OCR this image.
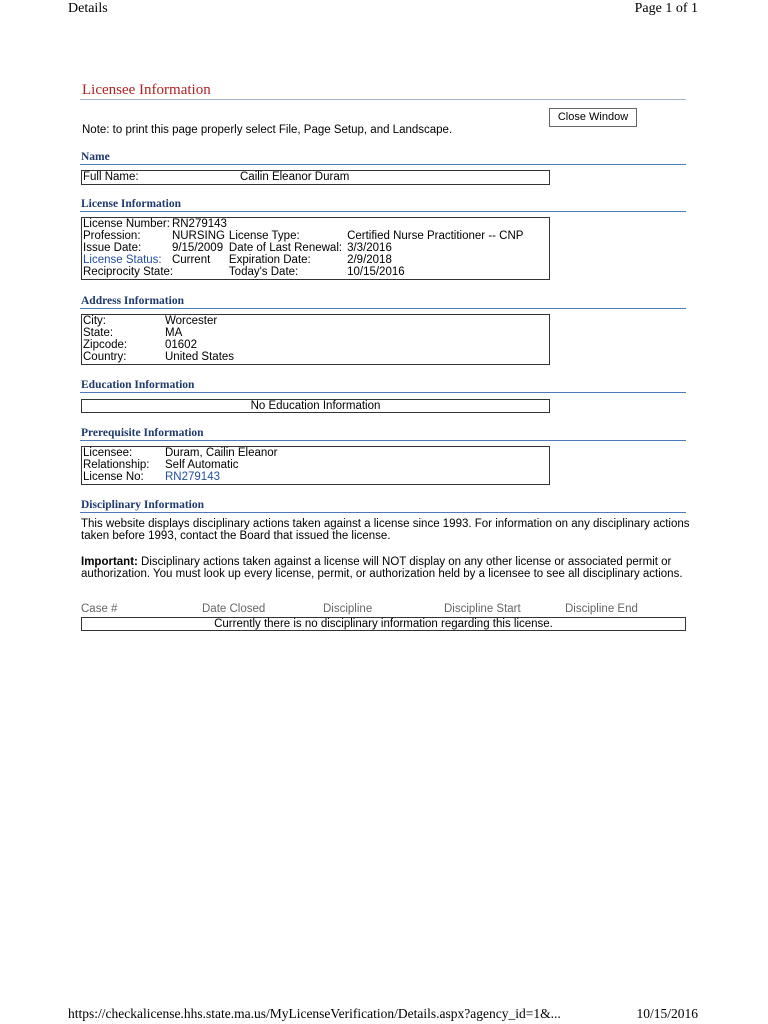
Details	Page 1 of 1
Licensee Information
Close Window
Note: to print this page properly select File, Page Setup, and Landscape.
Name
Full Name:	Cailin Eleanor Duram
License Information
License Number:	RN279143		
Profession:	NURSING	License Type:	Certified Nurse Practitioner -- CNP
Issue Date:	9/15/2009	Date of Last Renewal:	3/3/2016
License Status:	Current	Expiration Date:	2/9/2018
Reciprocity State:		Today's Date:	10/15/2016
Address Information
City:	Worcester
State:	MA
Zipcode:	01602
Country:	United States
Education Information
No Education Information
Prerequisite Information
Licensee:	Duram, Cailin Eleanor
Relationship:	Self Automatic
License No:	RN279143
Disciplinary Information
This website displays disciplinary actions taken against a license since 1993. For information on any disciplinary actions taken before 1993, contact the Board that issued the license.
Important: Disciplinary actions taken against a license will NOT display on any other license or associated permit or authorization. You must look up every license, permit, or authorization held by a licensee to see all disciplinary actions.
Case #	Date Closed	Discipline	Discipline Start	Discipline End
Currently there is no disciplinary information regarding this license.
https://checkalicense.hhs.state.ma.us/MyLicenseVerification/Details.aspx?agency_id=1&...	10/15/2016
